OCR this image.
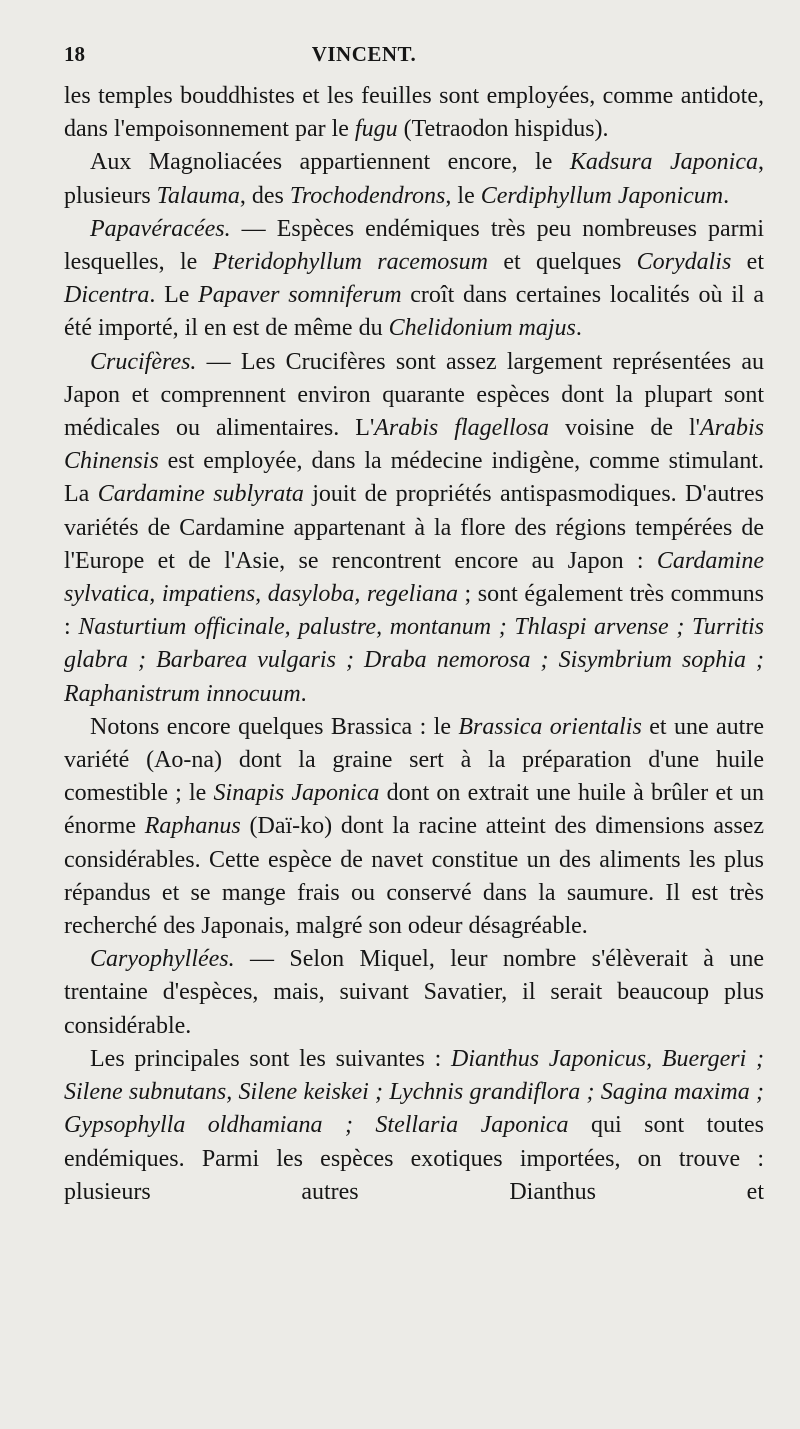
18	VINCENT.

les temples bouddhistes et les feuilles sont employées, comme antidote, dans l'empoisonnement par le fugu (Tetraodon hispidus).

Aux Magnoliacées appartiennent encore, le Kadsura Japonica, plusieurs Talauma, des Trochodendrons, le Cerdiphyllum Japonicum.

Papavéracées. — Espèces endémiques très peu nombreuses parmi lesquelles, le Pteridophyllum racemosum et quelques Corydalis et Dicentra. Le Papaver somniferum croît dans certaines localités où il a été importé, il en est de même du Chelidonium majus.

Crucifères. — Les Crucifères sont assez largement représentées au Japon et comprennent environ quarante espèces dont la plupart sont médicales ou alimentaires. L'Arabis flagellosa voisine de l'Arabis Chinensis est employée, dans la médecine indigène, comme stimulant. La Cardamine sublyrata jouit de propriétés antispasmodiques. D'autres variétés de Cardamine appartenant à la flore des régions tempérées de l'Europe et de l'Asie, se rencontrent encore au Japon : Cardamine sylvatica, impatiens, dasyloba, regeliana ; sont également très communs : Nasturtium officinale, palustre, montanum ; Thlaspi arvense ; Turritis glabra ; Barbarea vulgaris ; Draba nemorosa ; Sisymbrium sophia ; Raphanistrum innocuum.

Notons encore quelques Brassica : le Brassica orientalis et une autre variété (Ao-na) dont la graine sert à la préparation d'une huile comestible ; le Sinapis Japonica dont on extrait une huile à brûler et un énorme Raphanus (Daï-ko) dont la racine atteint des dimensions assez considérables. Cette espèce de navet constitue un des aliments les plus répandus et se mange frais ou conservé dans la saumure. Il est très recherché des Japonais, malgré son odeur désagréable.

Caryophyllées. — Selon Miquel, leur nombre s'élèverait à une trentaine d'espèces, mais, suivant Savatier, il serait beaucoup plus considérable.

Les principales sont les suivantes : Dianthus Japonicus, Buergeri ; Silene subnutans, Silene keiskei ; Lychnis grandiflora ; Sagina maxima ; Gypsophylla oldhamiana ; Stellaria Japonica qui sont toutes endémiques. Parmi les espèces exotiques importées, on trouve : plusieurs autres Dianthus et
